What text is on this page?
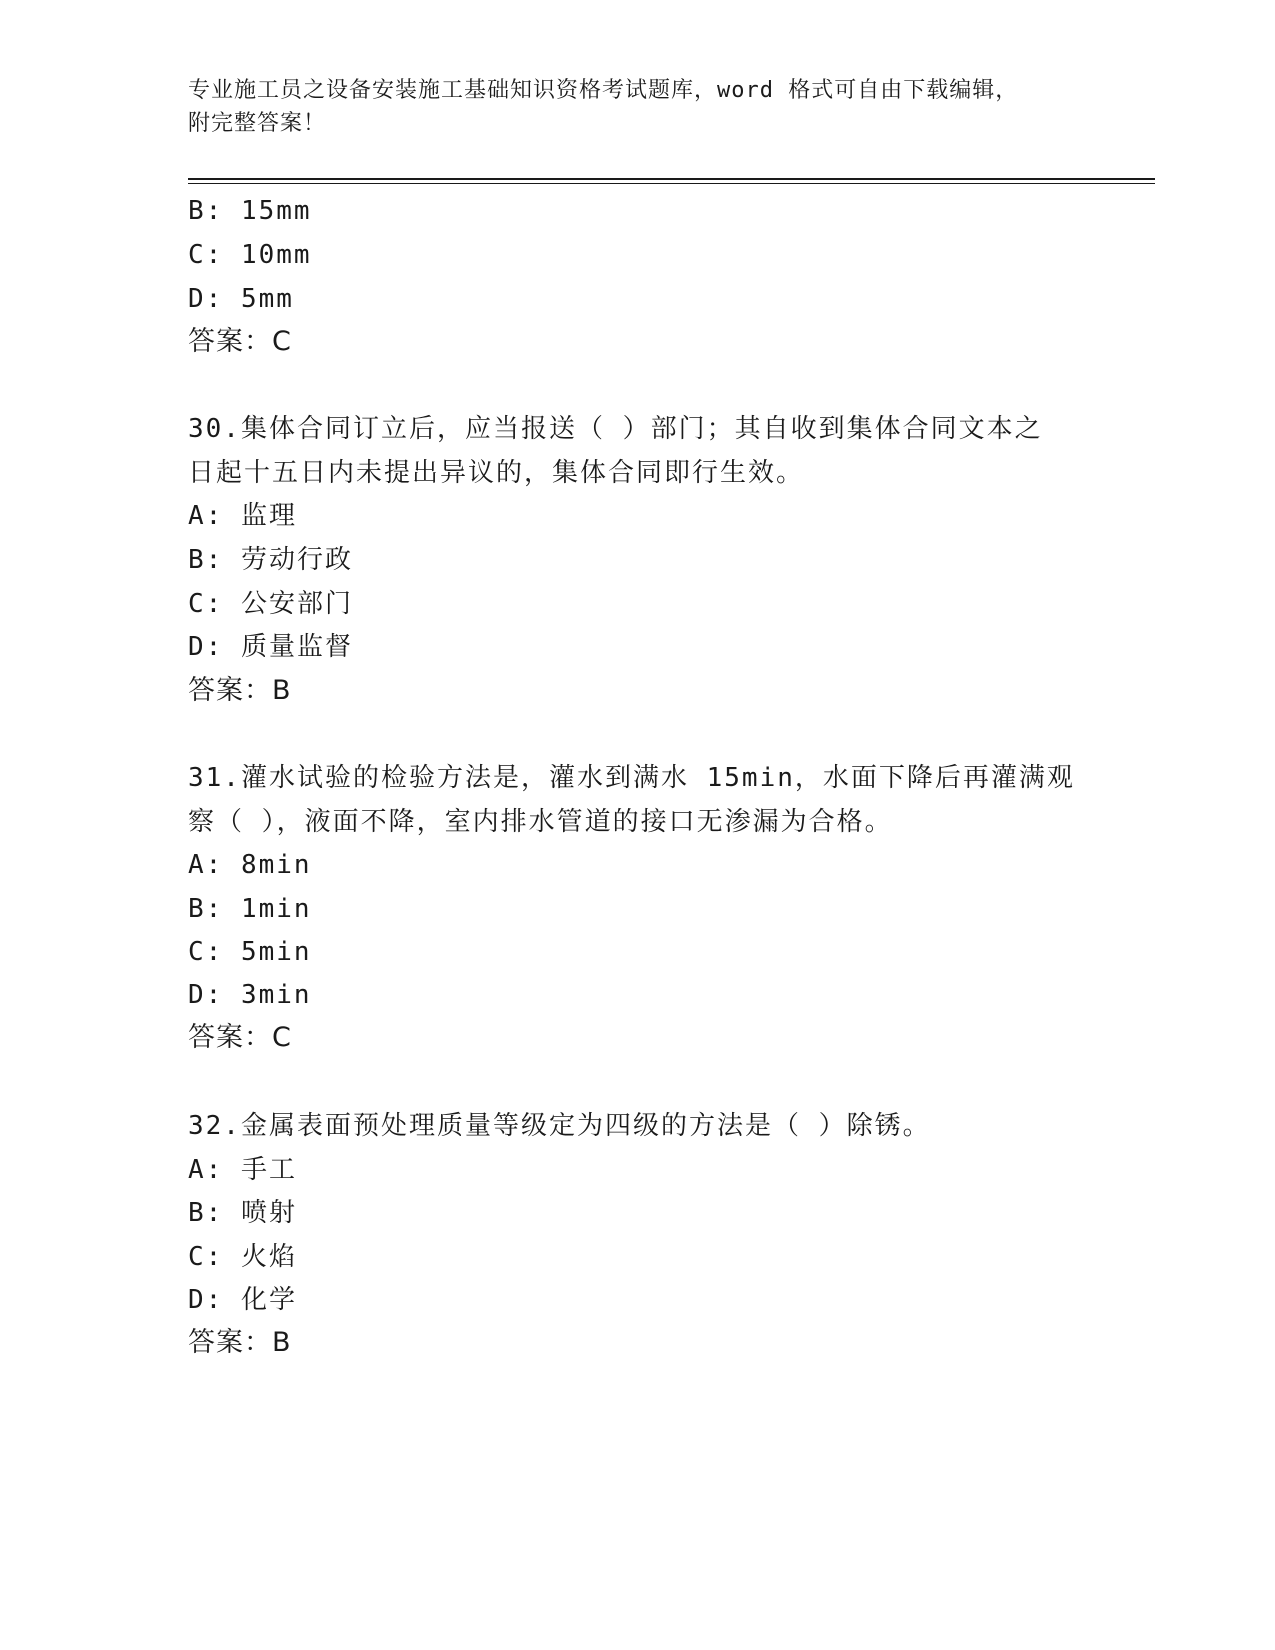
专业施工员之设备安装施工基础知识资格考试题库，word 格式可自由下载编辑，
附完整答案！
B: 15mm
C: 10mm
D: 5mm
答案：C
30.集体合同订立后，应当报送（ ）部门；其自收到集体合同文本之
日起十五日内未提出异议的，集体合同即行生效。
A: 监理
B: 劳动行政
C: 公安部门
D: 质量监督
答案：B
31.灌水试验的检验方法是，灌水到满水 15min，水面下降后再灌满观
察（ ），液面不降，室内排水管道的接口无渗漏为合格。
A: 8min
B: 1min
C: 5min
D: 3min
答案：C
32.金属表面预处理质量等级定为四级的方法是（ ）除锈。
A: 手工
B: 喷射
C: 火焰
D: 化学
答案：B
